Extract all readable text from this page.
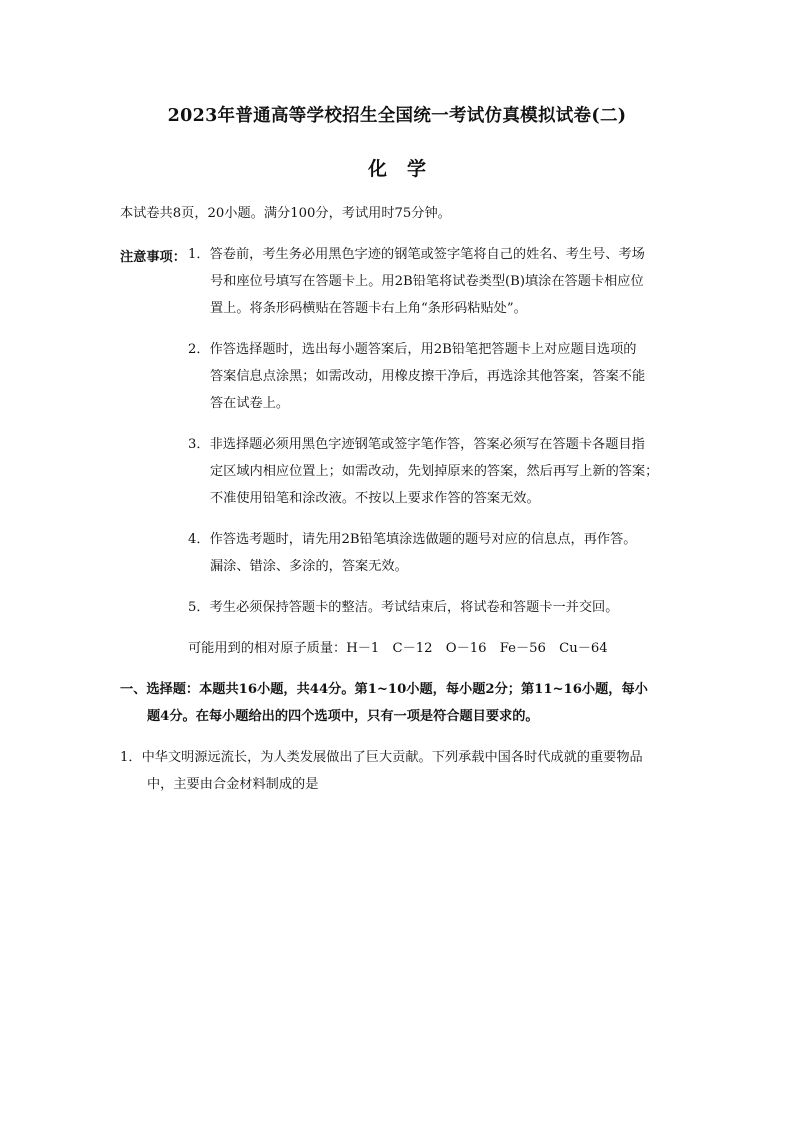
2023年普通高等学校招生全国统一考试仿真模拟试卷(二)
化学
本试卷共8页，20小题。满分100分，考试用时75分钟。
注意事项： 1．答卷前，考生务必用黑色字迹的钢笔或签字笔将自己的姓名、考生号、考场
号和座位号填写在答题卡上。用2B铅笔将试卷类型(B)填涂在答题卡相应位
置上。将条形码横贴在答题卡右上角“条形码粘贴处”。
2．作答选择题时，选出每小题答案后，用2B铅笔把答题卡上对应题目选项的
答案信息点涂黑；如需改动，用橡皮擦干净后，再选涂其他答案，答案不能
答在试卷上。
3．非选择题必须用黑色字迹钢笔或签字笔作答，答案必须写在答题卡各题目指
定区域内相应位置上；如需改动，先划掉原来的答案，然后再写上新的答案；
不准使用铅笔和涂改液。不按以上要求作答的答案无效。
4．作答选考题时，请先用2B铅笔填涂选做题的题号对应的信息点，再作答。
漏涂、错涂、多涂的，答案无效。
5．考生必须保持答题卡的整洁。考试结束后，将试卷和答题卡一并交回。
可能用到的相对原子质量：H－1　C－12　O－16　Fe－56　Cu－64
一、选择题：本题共16小题，共44分。第1~10小题，每小题2分；第11~16小题，每小
题4分。在每小题给出的四个选项中，只有一项是符合题目要求的。
1．中华文明源远流长，为人类发展做出了巨大贡献。下列承载中国各时代成就的重要物品
中，主要由合金材料制成的是
